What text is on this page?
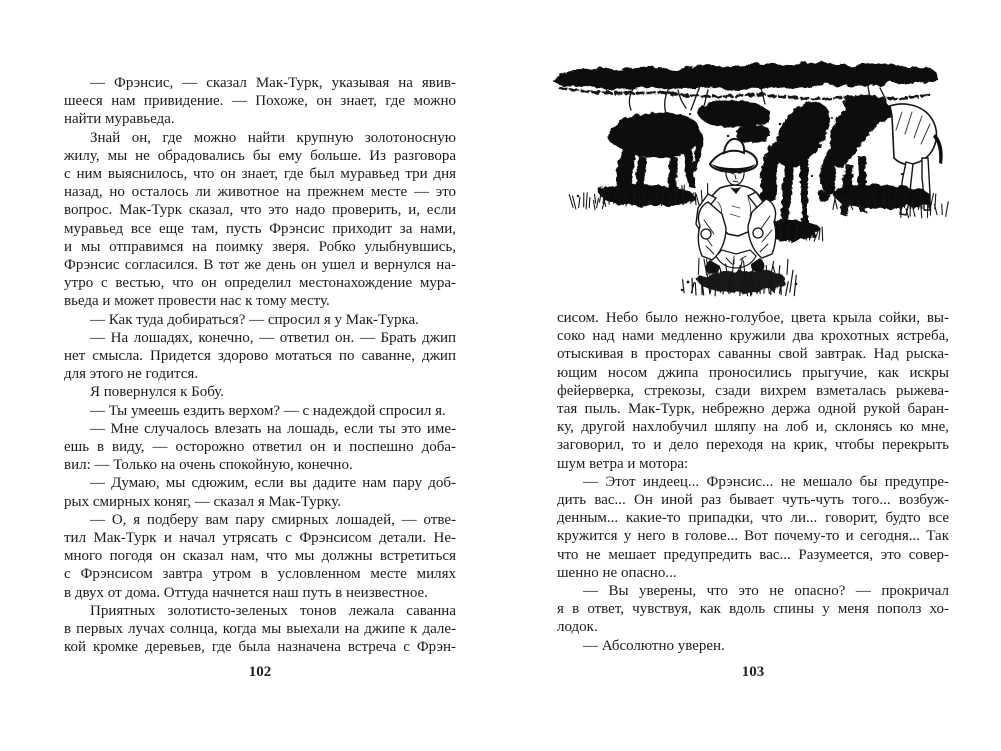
— Фрэнсис, — сказал Мак-Турк, указывая на явив-
шееся нам привидение. — Похоже, он знает, где можно
найти муравьеда.
Знай он, где можно найти крупную золотоносную
жилу, мы не обрадовались бы ему больше. Из разговора
с ним выяснилось, что он знает, где был муравьед три дня
назад, но осталось ли животное на прежнем месте — это
вопрос. Мак-Турк сказал, что это надо проверить, и, если
муравьед все еще там, пусть Фрэнсис приходит за нами,
и мы отправимся на поимку зверя. Робко улыбнувшись,
Фрэнсис согласился. В тот же день он ушел и вернулся на-
утро с вестью, что он определил местонахождение мура-
вьеда и может провести нас к тому месту.
— Как туда добираться? — спросил я у Мак-Турка.
— На лошадях, конечно, — ответил он. — Брать джип
нет смысла. Придется здорово мотаться по саванне, джип
для этого не годится.
Я повернулся к Бобу.
— Ты умеешь ездить верхом? — с надеждой спросил я.
— Мне случалось влезать на лошадь, если ты это име-
ешь в виду, — осторожно ответил он и поспешно доба-
вил: — Только на очень спокойную, конечно.
— Думаю, мы сдюжим, если вы дадите нам пару доб-
рых смирных коняг, — сказал я Мак-Турку.
— О, я подберу вам пару смирных лошадей, — отве-
тил Мак-Турк и начал утрясать с Фрэнсисом детали. Не-
много погодя он сказал нам, что мы должны встретиться
с Фрэнсисом завтра утром в условленном месте милях
в двух от дома. Оттуда начнется наш путь в неизвестное.
Приятных золотисто-зеленых тонов лежала саванна
в первых лучах солнца, когда мы выехали на джипе к дале-
кой кромке деревьев, где была назначена встреча с Фрэн-
102
сисом. Небо было нежно-голубое, цвета крыла сойки, вы-
соко над нами медленно кружили два крохотных ястреба,
отыскивая в просторах саванны свой завтрак. Над рыска-
ющим носом джипа проносились прыгучие, как искры
фейерверка, стрекозы, сзади вихрем взметалась рыжева-
тая пыль. Мак-Турк, небрежно держа одной рукой баран-
ку, другой нахлобучил шляпу на лоб и, склонясь ко мне,
заговорил, то и дело переходя на крик, чтобы перекрыть
шум ветра и мотора:
— Этот индеец... Фрэнсис... не мешало бы предупре-
дить вас... Он иной раз бывает чуть-чуть того... возбуж-
денным... какие-то припадки, что ли... говорит, будто все
кружится у него в голове... Вот почему-то и сегодня... Так
что не мешает предупредить вас... Разумеется, это совер-
шенно не опасно...
— Вы уверены, что это не опасно? — прокричал
я в ответ, чувствуя, как вдоль спины у меня пополз хо-
лодок.
— Абсолютно уверен.
103
